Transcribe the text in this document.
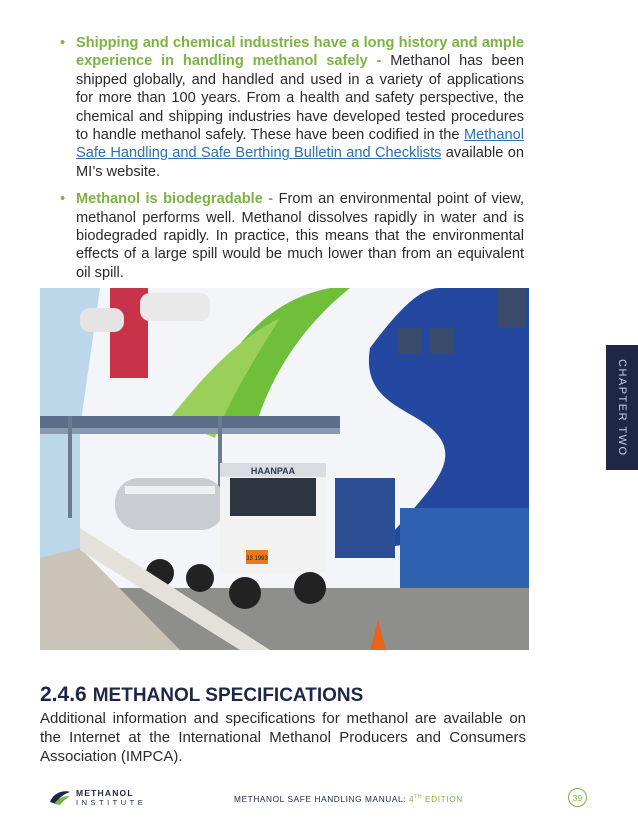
• Shipping and chemical industries have a long history and ample experience in handling methanol safely - Methanol has been shipped globally, and handled and used in a variety of applications for more than 100 years. From a health and safety perspective, the chemical and shipping industries have developed tested procedures to handle methanol safely. These have been codified in the Methanol Safe Handling and Safe Berthing Bulletin and Checklists available on MI’s website.
• Methanol is biodegradable - From an environmental point of view, methanol performs well. Methanol dissolves rapidly in water and is biodegraded rapidly. In practice, this means that the environmental effects of a large spill would be much lower than from an equivalent oil spill.
HAANPAA
33 1993
CHAPTER TWO
2.4.6 METHANOL SPECIFICATIONS
Additional information and specifications for methanol are available on the Internet at the International Methanol Producers and Consumers Association (IMPCA).
METHANOL
INSTITUTE	METHANOL SAFE HANDLING MANUAL: 4TH EDITION	39
